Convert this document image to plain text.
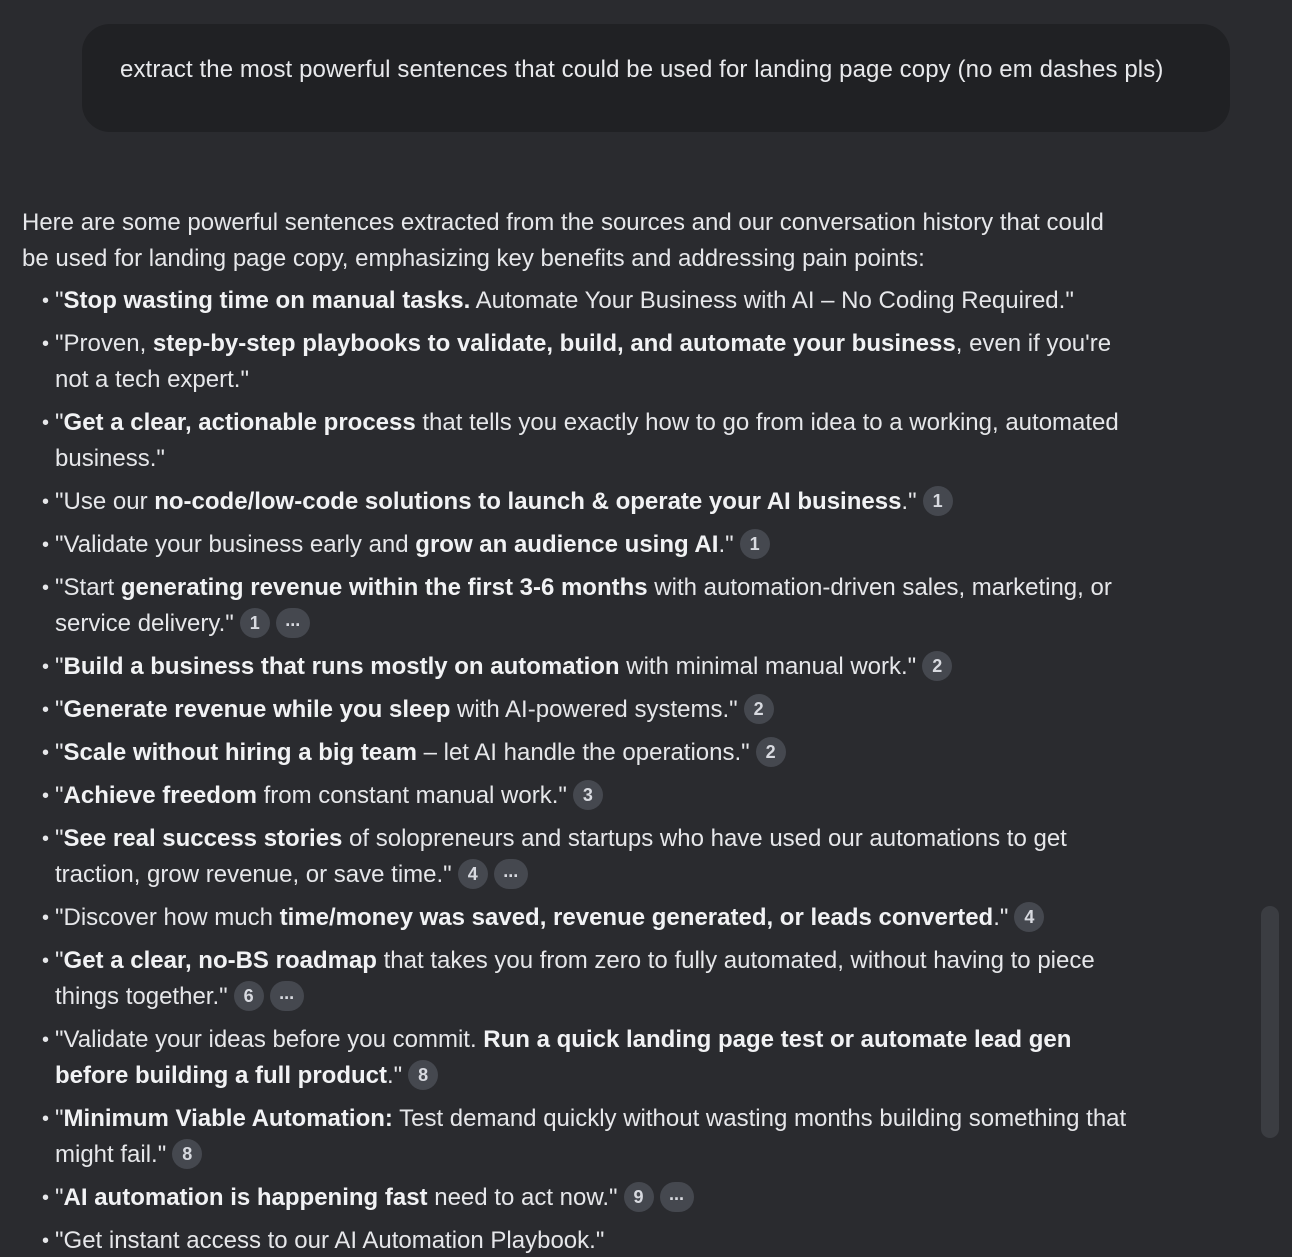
extract the most powerful sentences that could be used for landing page copy (no em dashes pls)

Here are some powerful sentences extracted from the sources and our conversation history that could be used for landing page copy, emphasizing key benefits and addressing pain points:

• "Stop wasting time on manual tasks. Automate Your Business with AI – No Coding Required."
• "Proven, step-by-step playbooks to validate, build, and automate your business, even if you're not a tech expert."
• "Get a clear, actionable process that tells you exactly how to go from idea to a working, automated business."
• "Use our no-code/low-code solutions to launch & operate your AI business." 1
• "Validate your business early and grow an audience using AI." 1
• "Start generating revenue within the first 3-6 months with automation-driven sales, marketing, or service delivery." 1 ...
• "Build a business that runs mostly on automation with minimal manual work." 2
• "Generate revenue while you sleep with AI-powered systems." 2
• "Scale without hiring a big team – let AI handle the operations." 2
• "Achieve freedom from constant manual work." 3
• "See real success stories of solopreneurs and startups who have used our automations to get traction, grow revenue, or save time." 4 ...
• "Discover how much time/money was saved, revenue generated, or leads converted." 4
• "Get a clear, no-BS roadmap that takes you from zero to fully automated, without having to piece things together." 6 ...
• "Validate your ideas before you commit. Run a quick landing page test or automate lead gen before building a full product." 8
• "Minimum Viable Automation: Test demand quickly without wasting months building something that might fail." 8
• "AI automation is happening fast need to act now." 9 ...
• "Get instant access to our AI Automation Playbook."
